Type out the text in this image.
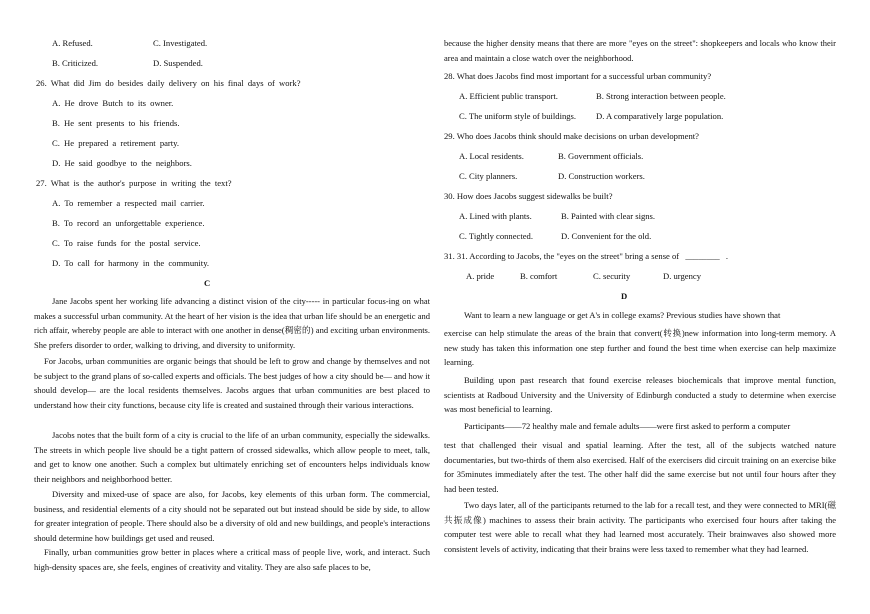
A. Refused.	C. Investigated.
B. Criticized.	D. Suspended.
26. What did Jim do besides daily delivery on his final days of work?
A. He drove Butch to its owner.
B. He sent presents to his friends.
C. He prepared a retirement party.
D. He said goodbye to the neighbors.
27. What is the author's purpose in writing the text?
A. To remember a respected mail carrier.
B. To record an unforgettable experience.
C. To raise funds for the postal service.
D. To call for harmony in the community.
C
Jane Jacobs spent her working life advancing a distinct vision of the city----- in particular focus-ing on what makes a successful urban community. At the heart of her vision is the idea that urban life should be an energetic and rich affair, whereby people are able to interact with one another in dense(稠密的) and exciting urban environments. She prefers disorder to order, walking to driving, and diversity to uniformity.
For Jacobs, urban communities are organic beings that should be left to grow and change by themselves and not be subject to the grand plans of so-called experts and officials. The best judges of how a city should be— and how it should develop— are the local residents themselves. Jacobs argues that urban communities are best placed to understand how their city functions, because city life is created and sustained through their various interactions.
Jacobs notes that the built form of a city is crucial to the life of an urban community, especially the sidewalks. The streets in which people live should be a tight pattern of crossed sidewalks, which allow people to meet, talk, and get to know one another. Such a complex but ultimately enriching set of encounters helps individuals know their neighbors and neighborhood better.
Diversity and mixed-use of space are also, for Jacobs, key elements of this urban form. The commercial, business, and residential elements of a city should not be separated out but instead should be side by side, to allow for greater integration of people. There should also be a diversity of old and new buildings, and people's interactions should determine how buildings get used and reused.
Finally, urban communities grow better in places where a critical mass of people live, work, and interact. Such high-density spaces are, she feels, engines of creativity and vitality. They are also safe places to be,
because the higher density means that there are more "eyes on the street": shopkeepers and locals who know their area and maintain a close watch over the neighborhood.
28. What does Jacobs find most important for a successful urban community?
A. Efficient public transport.	B. Strong interaction between people.
C. The uniform style of buildings. D. A comparatively large population.
29. Who does Jacobs think should make decisions on urban development?
A. Local residents.	B. Government officials.
C. City planners.	D. Construction workers.
30. How does Jacobs suggest sidewalks be built?
A. Lined with plants.	B. Painted with clear signs.
C. Tightly connected.	D. Convenient for the old.
31. 31. According to Jacobs, the "eyes on the street" bring a sense of ________ .
A. pride	B. comfort	C. security	D. urgency
D
Want to learn a new language or get A's in college exams? Previous studies have shown that
exercise can help stimulate the areas of the brain that convert(转换)new information into long-term memory. A new study has taken this information one step further and found the best time when exercise can help maximize learning.
Building upon past research that found exercise releases biochemicals that improve mental function, scientists at Radboud University and the University of Edinburgh conducted a study to determine when exercise was most beneficial to learning.
Participants——72 healthy male and female adults——were first asked to perform a computer
test that challenged their visual and spatial learning. After the test, all of the subjects watched nature documentaries, but two-thirds of them also exercised. Half of the exercisers did circuit training on an exercise bike for 35minutes immediately after the test. The other half did the same exercise but not until four hours after they had been tested.
Two days later, all of the participants returned to the lab for a recall test, and they were connected to MRI(磁共振成像) machines to assess their brain activity. The participants who exercised four hours after taking the computer test were able to recall what they had learned most accurately. Their brainwaves also showed more consistent levels of activity, indicating that their brains were less taxed to remember what they had learned.
